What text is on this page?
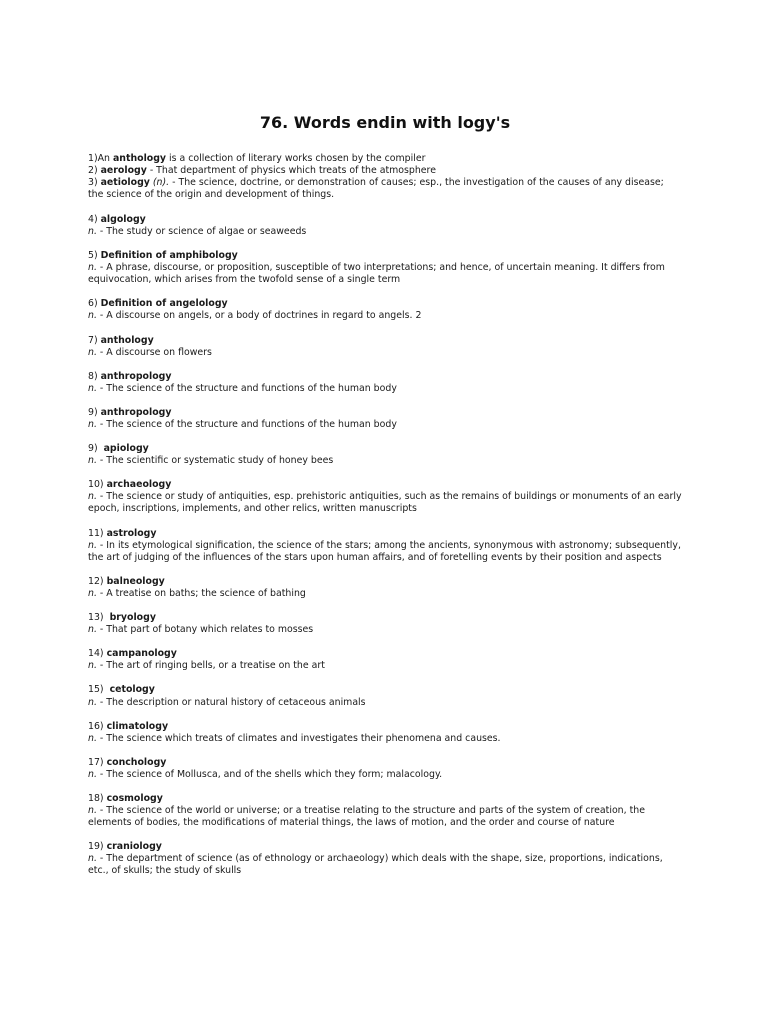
76. Words endin with logy's
1)An anthology is a collection of literary works chosen by the compiler
2) aerology - That department of physics which treats of the atmosphere
3) aetiology (n). - The science, doctrine, or demonstration of causes; esp., the investigation of the causes of any disease; the science of the origin and development of things.
4) algology
n. - The study or science of algae or seaweeds
5) Definition of amphibology
n. - A phrase, discourse, or proposition, susceptible of two interpretations; and hence, of uncertain meaning. It differs from equivocation, which arises from the twofold sense of a single term
6) Definition of angelology
n. - A discourse on angels, or a body of doctrines in regard to angels. 2
7) anthology
n. - A discourse on flowers
8) anthropology
n. - The science of the structure and functions of the human body
9) anthropology
n. - The science of the structure and functions of the human body
9)  apiology
n. - The scientific or systematic study of honey bees
10) archaeology
n. - The science or study of antiquities, esp. prehistoric antiquities, such as the remains of buildings or monuments of an early epoch, inscriptions, implements, and other relics, written manuscripts
11) astrology
n. - In its etymological signification, the science of the stars; among the ancients, synonymous with astronomy; subsequently, the art of judging of the influences of the stars upon human affairs, and of foretelling events by their position and aspects
12) balneology
n. - A treatise on baths; the science of bathing
13)  bryology
n. - That part of botany which relates to mosses
14) campanology
n. - The art of ringing bells, or a treatise on the art
15)  cetology
n. - The description or natural history of cetaceous animals
16) climatology
n. - The science which treats of climates and investigates their phenomena and causes.
17) conchology
n. - The science of Mollusca, and of the shells which they form; malacology.
18) cosmology
n. - The science of the world or universe; or a treatise relating to the structure and parts of the system of creation, the elements of bodies, the modifications of material things, the laws of motion, and the order and course of nature
19) craniology
n. - The department of science (as of ethnology or archaeology) which deals with the shape, size, proportions, indications, etc., of skulls; the study of skulls
